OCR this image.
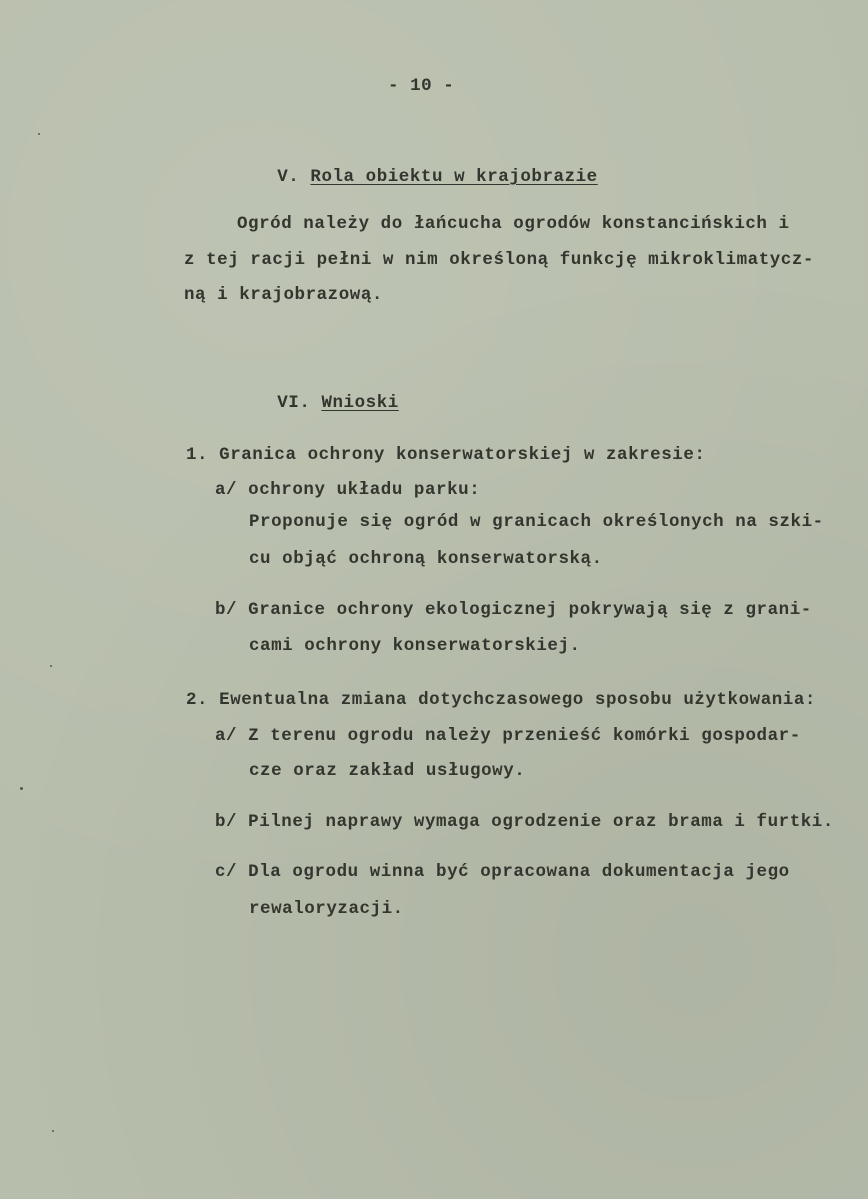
- 10 -

V. Rola obiektu w krajobrazie

Ogród należy do łańcucha ogrodów konstancińskich i
z tej racji pełni w nim określoną funkcję mikroklimatycz-
ną i krajobrazową.

VI. Wnioski

1. Granica ochrony konserwatorskiej w zakresie:
a/ ochrony układu parku:
Proponuje się ogród w granicach określonych na szki-
cu objąć ochroną konserwatorską.
b/ Granice ochrony ekologicznej pokrywają się z grani-
cami ochrony konserwatorskiej.
2. Ewentualna zmiana dotychczasowego sposobu użytkowania:
a/ Z terenu ogrodu należy przenieść komórki gospodar-
cze oraz zakład usługowy.
b/ Pilnej naprawy wymaga ogrodzenie oraz brama i furtki.
c/ Dla ogrodu winna być opracowana dokumentacja jego
rewaloryzacji.
